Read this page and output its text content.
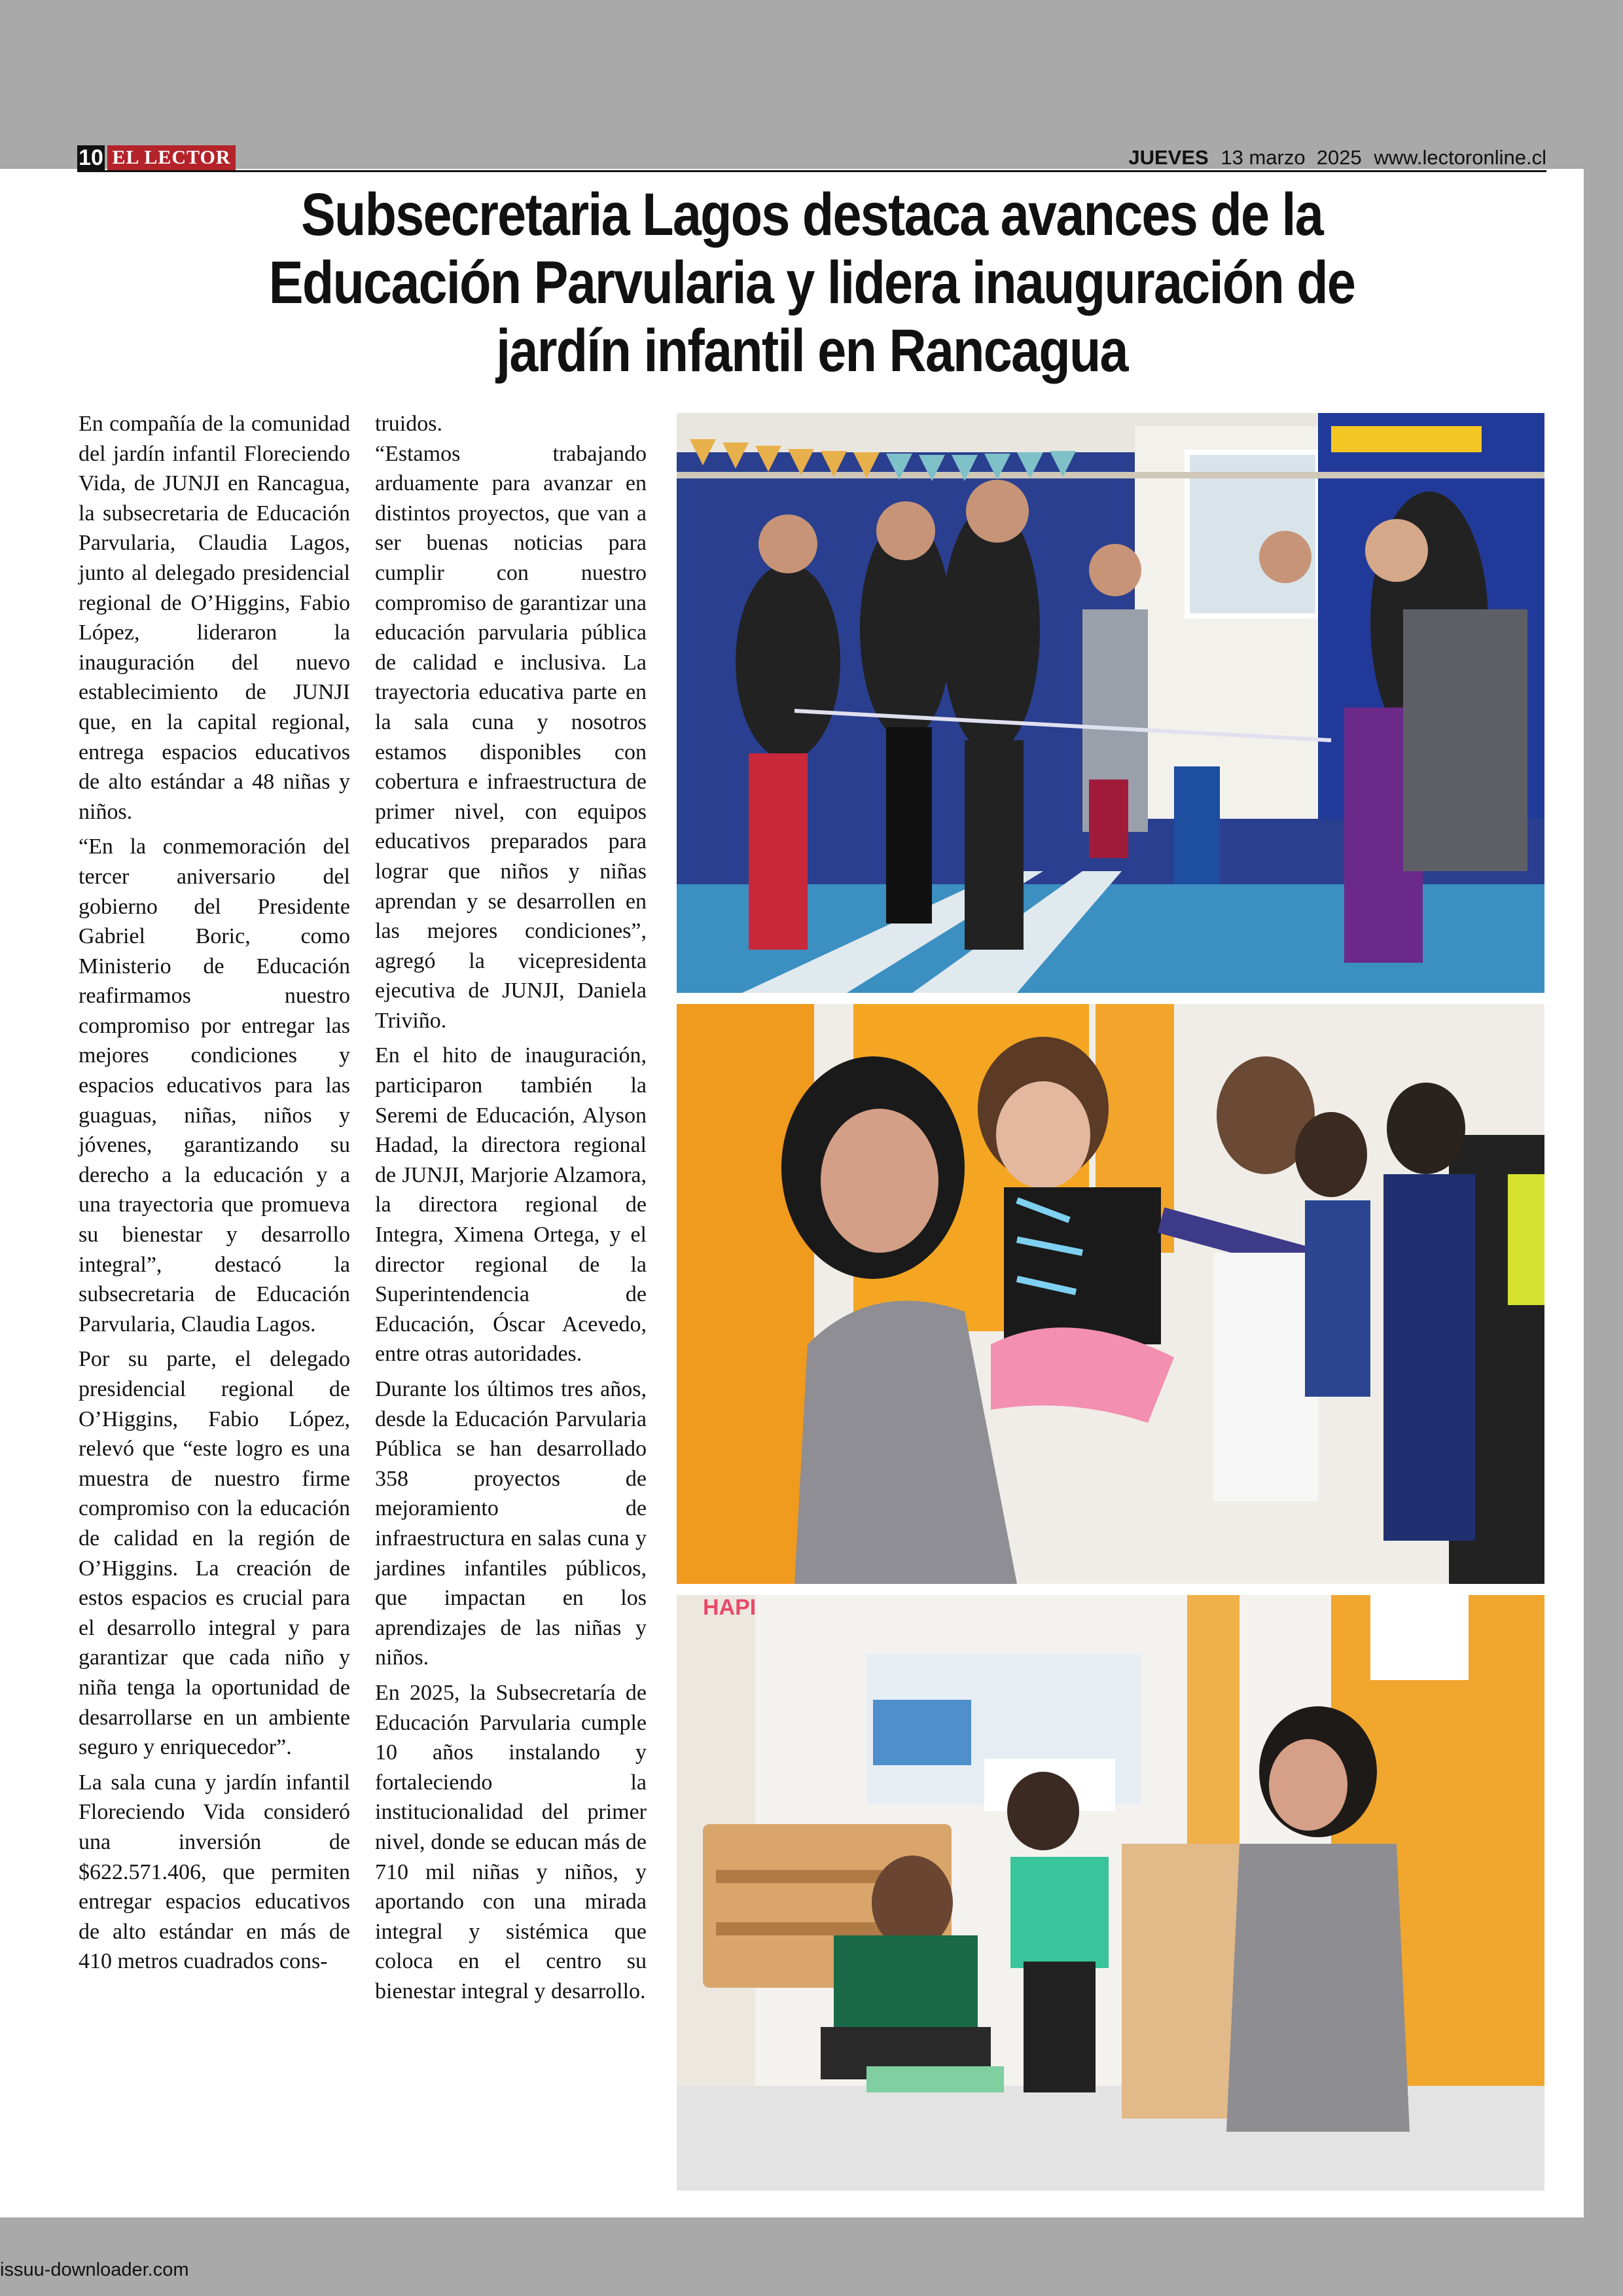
10 EL LECTOR	JUEVES 13 marzo  2025 www.lectoronline.cl
Subsecretaria Lagos destaca avances de la
Educación Parvularia y lidera inauguración de
jardín infantil en Rancagua

En compañía de la comunidad del jardín infantil Floreciendo Vida, de JUNJI en Rancagua, la subsecretaria de Educación Parvularia, Claudia Lagos, junto al delegado presidencial regional de O’Higgins, Fabio López, lideraron la inauguración del nuevo establecimiento de JUNJI que, en la capital regional, entrega espacios educativos de alto estándar a 48 niñas y niños.

“En la conmemoración del tercer aniversario del gobierno del Presidente Gabriel Boric, como Ministerio de Educación reafirmamos nuestro compromiso por entregar las mejores condiciones y espacios educativos para las guaguas, niñas, niños y jóvenes, garantizando su derecho a la educación y a una trayectoria que promueva su bienestar y desarrollo integral”, destacó la subsecretaria de Educación Parvularia, Claudia Lagos.

Por su parte, el delegado presidencial regional de O’Higgins, Fabio López, relevó que “este logro es una muestra de nuestro firme compromiso con la educación de calidad en la región de O’Higgins. La creación de estos espacios es crucial para el desarrollo integral y para garantizar que cada niño y niña tenga la oportunidad de desarrollarse en un ambiente seguro y enriquecedor”.

La sala cuna y jardín infantil Floreciendo Vida consideró una inversión de $622.571.406, que permiten entregar espacios educativos de alto estándar en más de 410 metros cuadrados cons-

truidos.

“Estamos trabajando arduamente para avanzar en distintos proyectos, que van a ser buenas noticias para cumplir con nuestro compromiso de garantizar una educación parvularia pública de calidad e inclusiva. La trayectoria educativa parte en la sala cuna y nosotros estamos disponibles con cobertura e infraestructura de primer nivel, con equipos educativos preparados para lograr que niños y niñas aprendan y se desarrollen en las mejores condiciones”, agregó la vicepresidenta ejecutiva de JUNJI, Daniela Triviño.

En el hito de inauguración, participaron también la Seremi de Educación, Alyson Hadad, la directora regional de JUNJI, Marjorie Alzamora, la directora regional de Integra, Ximena Ortega, y el director regional de la Superintendencia de Educación, Óscar Acevedo, entre otras autoridades.

Durante los últimos tres años, desde la Educación Parvularia Pública se han desarrollado 358 proyectos de mejoramiento de infraestructura en salas cuna y jardines infantiles públicos, que impactan en los aprendizajes de las niñas y niños.

En 2025, la Subsecretaría de Educación Parvularia cumple 10 años instalando y fortaleciendo la institucionalidad del primer nivel, donde se educan más de 710 mil niñas y niños, y aportando con una mirada integral y sistémica que coloca en el centro su bienestar integral y desarrollo.

HAPI
issuu-downloader.com
